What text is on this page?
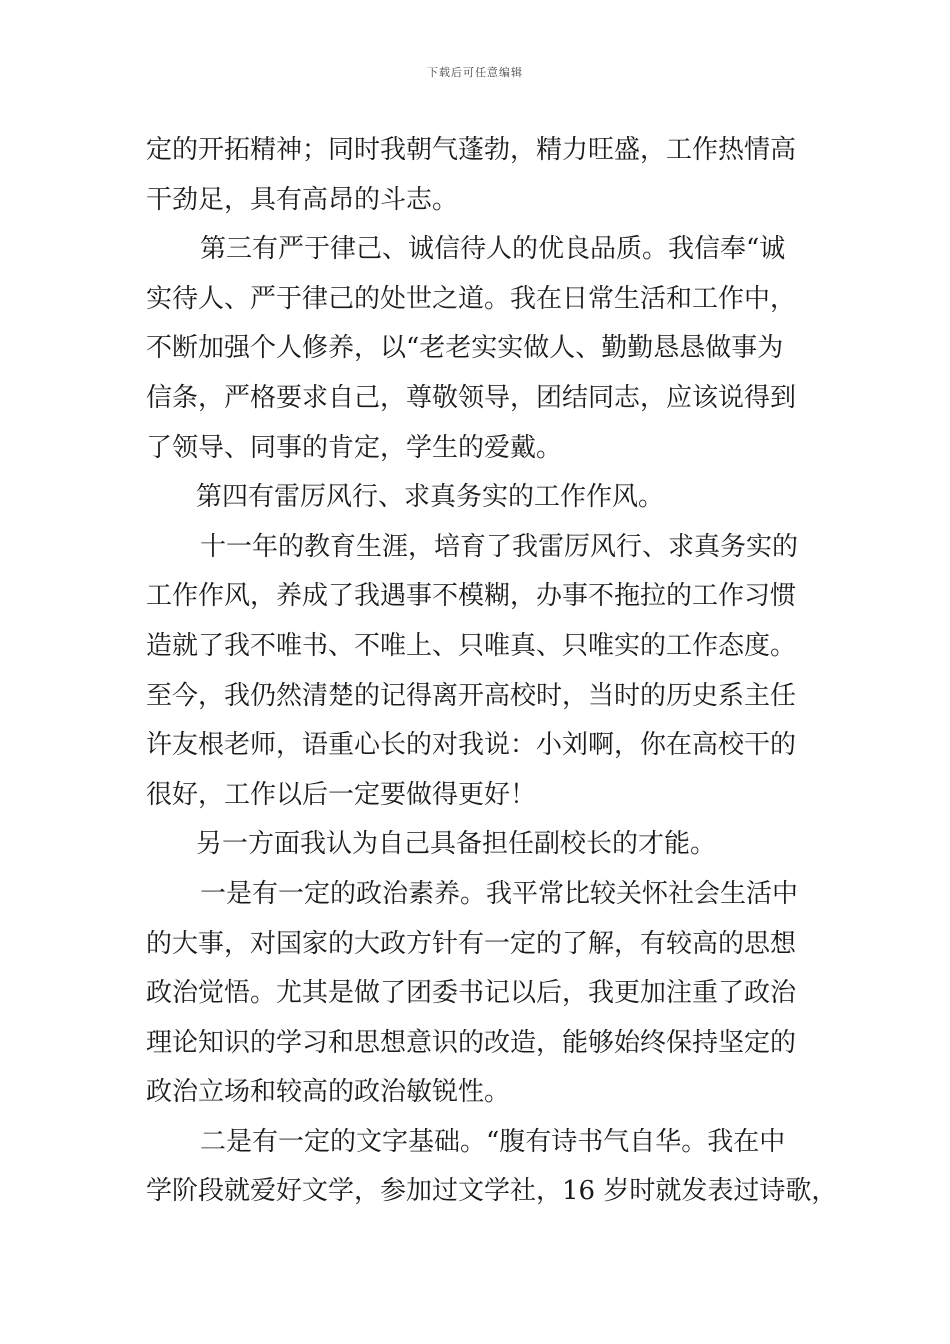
下载后可任意编辑
定的开拓精神；同时我朝气蓬勃，精力旺盛，工作热情高
干劲足，具有高昂的斗志。
第三有严于律己、诚信待人的优良品质。我信奉“诚
实待人、严于律己的处世之道。我在日常生活和工作中，
不断加强个人修养，以“老老实实做人、勤勤恳恳做事为
信条，严格要求自己，尊敬领导，团结同志，应该说得到
了领导、同事的肯定，学生的爱戴。
第四有雷厉风行、求真务实的工作作风。
十一年的教育生涯，培育了我雷厉风行、求真务实的
工作作风，养成了我遇事不模糊，办事不拖拉的工作习惯
造就了我不唯书、不唯上、只唯真、只唯实的工作态度。
至今，我仍然清楚的记得离开高校时，当时的历史系主任
许友根老师，语重心长的对我说：小刘啊，你在高校干的
很好，工作以后一定要做得更好！
另一方面我认为自己具备担任副校长的才能。
一是有一定的政治素养。我平常比较关怀社会生活中
的大事，对国家的大政方针有一定的了解，有较高的思想
政治觉悟。尤其是做了团委书记以后，我更加注重了政治
理论知识的学习和思想意识的改造，能够始终保持坚定的
政治立场和较高的政治敏锐性。
二是有一定的文字基础。“腹有诗书气自华。我在中
学阶段就爱好文学，参加过文学社，16 岁时就发表过诗歌，
